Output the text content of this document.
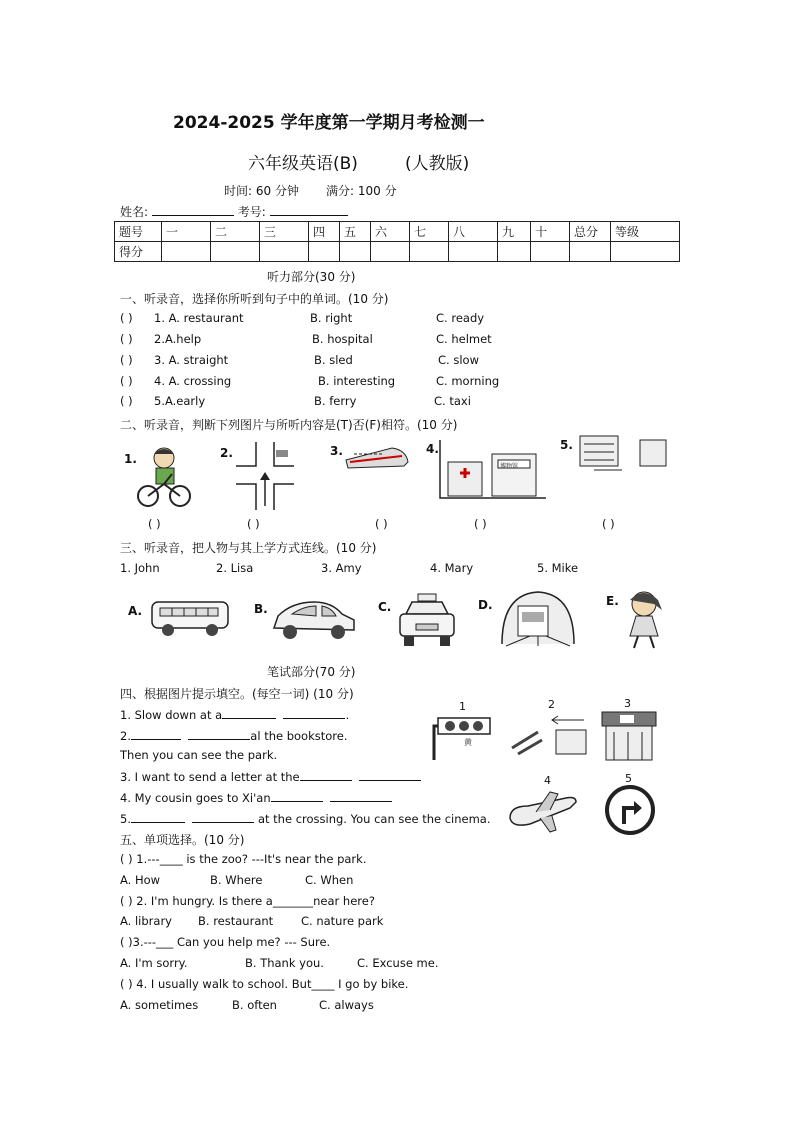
2024-2025 学年度第一学期月考检测一
六年级英语(B)	(人教版)
时间: 60 分钟 满分: 100 分
姓名:	考号:
题号	一	二	三	四	五	六	七	八	九	十	总分	等级
得分												
听力部分(30 分)
一、听录音，选择你所听到句子中的单词。(10 分)
( ) 1. A. restaurant	B. right	C. ready
( ) 2.A.help	B. hospital	C. helmet
( ) 3. A. straight	B. sled	C. slow
( ) 4. A. crossing	B. interesting	C. morning
( ) 5.A.early	B. ferry	C. taxi
二、听录音，判断下列图片与所听内容是(T)否(F)相符。(10 分)
1.	2.	3.	4.	5.
博物馆
( )	( )	( )	( )	( )
三、听录音，把人物与其上学方式连线。(10 分)
1. John	2. Lisa	3. Amy	4. Mary	5. Mike
A.	B.	C.	D.	E.
笔试部分(70 分)
四、根据图片提示填空。(每空一词) (10 分)
1. Slow down at a	.
2.	al the bookstore.
Then you can see the park.
3. I want to send a letter at the
4. My cousin goes to Xi'an
5.	at the crossing. You can see the cinema.
1
黄
2	3
4	5
五、单项选择。(10 分)
( ) 1.---____ is the zoo? ---It's near the park.
A. How	B. Where	C. When
( ) 2. I'm hungry. Is there a_______near here?
A. library B. restaurant C. nature park
( )3.---___ Can you help me? --- Sure.
A. I'm sorry.	B. Thank you.	C. Excuse me.
( ) 4. I usually walk to school. But____ I go by bike.
A. sometimes	B. often	C. always
